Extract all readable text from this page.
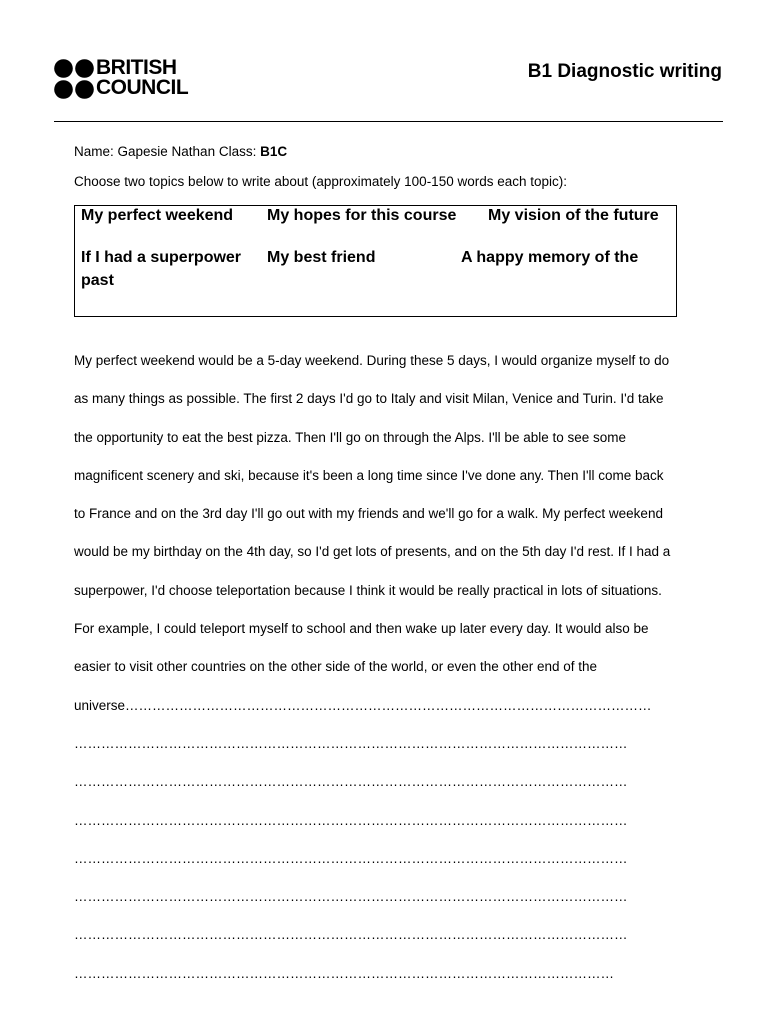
BRITISH
COUNCIL
B1 Diagnostic writing
Name: Gapesie Nathan Class: B1C
Choose two topics below to write about (approximately 100-150 words each topic):
My perfect weekend My hopes for this course My vision of the future
If I had a superpower My best friend	A happy memory of the
past
My perfect weekend would be a 5-day weekend. During these 5 days, I would organize myself to do
as many things as possible. The first 2 days I'd go to Italy and visit Milan, Venice and Turin. I'd take
the opportunity to eat the best pizza. Then I'll go on through the Alps. I'll be able to see some
magnificent scenery and ski, because it's been a long time since I've done any. Then I'll come back
to France and on the 3rd day I'll go out with my friends and we'll go for a walk. My perfect weekend
would be my birthday on the 4th day, so I'd get lots of presents, and on the 5th day I'd rest. If I had a
superpower, I'd choose teleportation because I think it would be really practical in lots of situations.
For example, I could teleport myself to school and then wake up later every day. It would also be
easier to visit other countries on the other side of the world, or even the other end of the
universe………………………………………………………………………………………………………
……………………………………………………………………………………………………………
……………………………………………………………………………………………………………
……………………………………………………………………………………………………………
……………………………………………………………………………………………………………
……………………………………………………………………………………………………………
……………………………………………………………………………………………………………
…………………………………………………………………………………………………………
